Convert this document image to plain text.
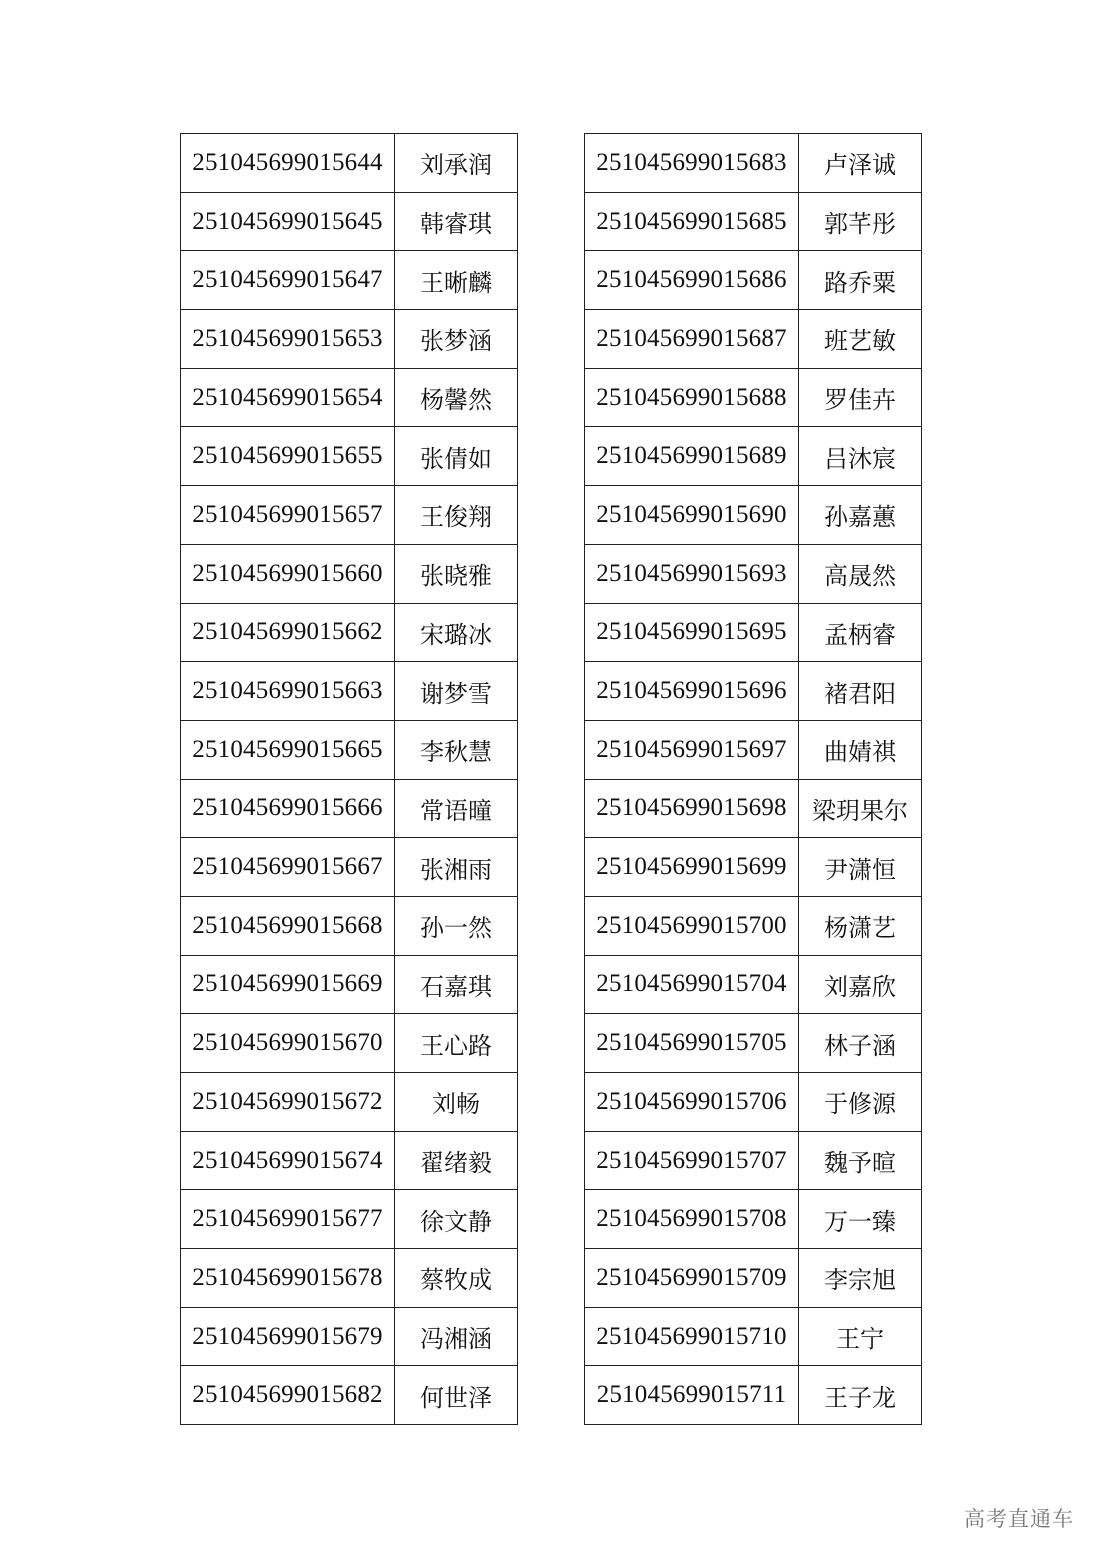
251045699015644	刘承润
251045699015645	韩睿琪
251045699015647	王晰麟
251045699015653	张梦涵
251045699015654	杨馨然
251045699015655	张倩如
251045699015657	王俊翔
251045699015660	张晓雅
251045699015662	宋璐冰
251045699015663	谢梦雪
251045699015665	李秋慧
251045699015666	常语曈
251045699015667	张湘雨
251045699015668	孙一然
251045699015669	石嘉琪
251045699015670	王心路
251045699015672	刘畅
251045699015674	翟绪毅
251045699015677	徐文静
251045699015678	蔡牧成
251045699015679	冯湘涵
251045699015682	何世泽
251045699015683	卢泽诚
251045699015685	郭芊彤
251045699015686	路乔粟
251045699015687	班艺敏
251045699015688	罗佳卉
251045699015689	吕沐宸
251045699015690	孙嘉蕙
251045699015693	高晟然
251045699015695	孟柄睿
251045699015696	褚君阳
251045699015697	曲婧祺
251045699015698	梁玥果尔
251045699015699	尹潇恒
251045699015700	杨潇艺
251045699015704	刘嘉欣
251045699015705	林子涵
251045699015706	于修源
251045699015707	魏予暄
251045699015708	万一臻
251045699015709	李宗旭
251045699015710	王宁
251045699015711	王子龙
高考直通车
